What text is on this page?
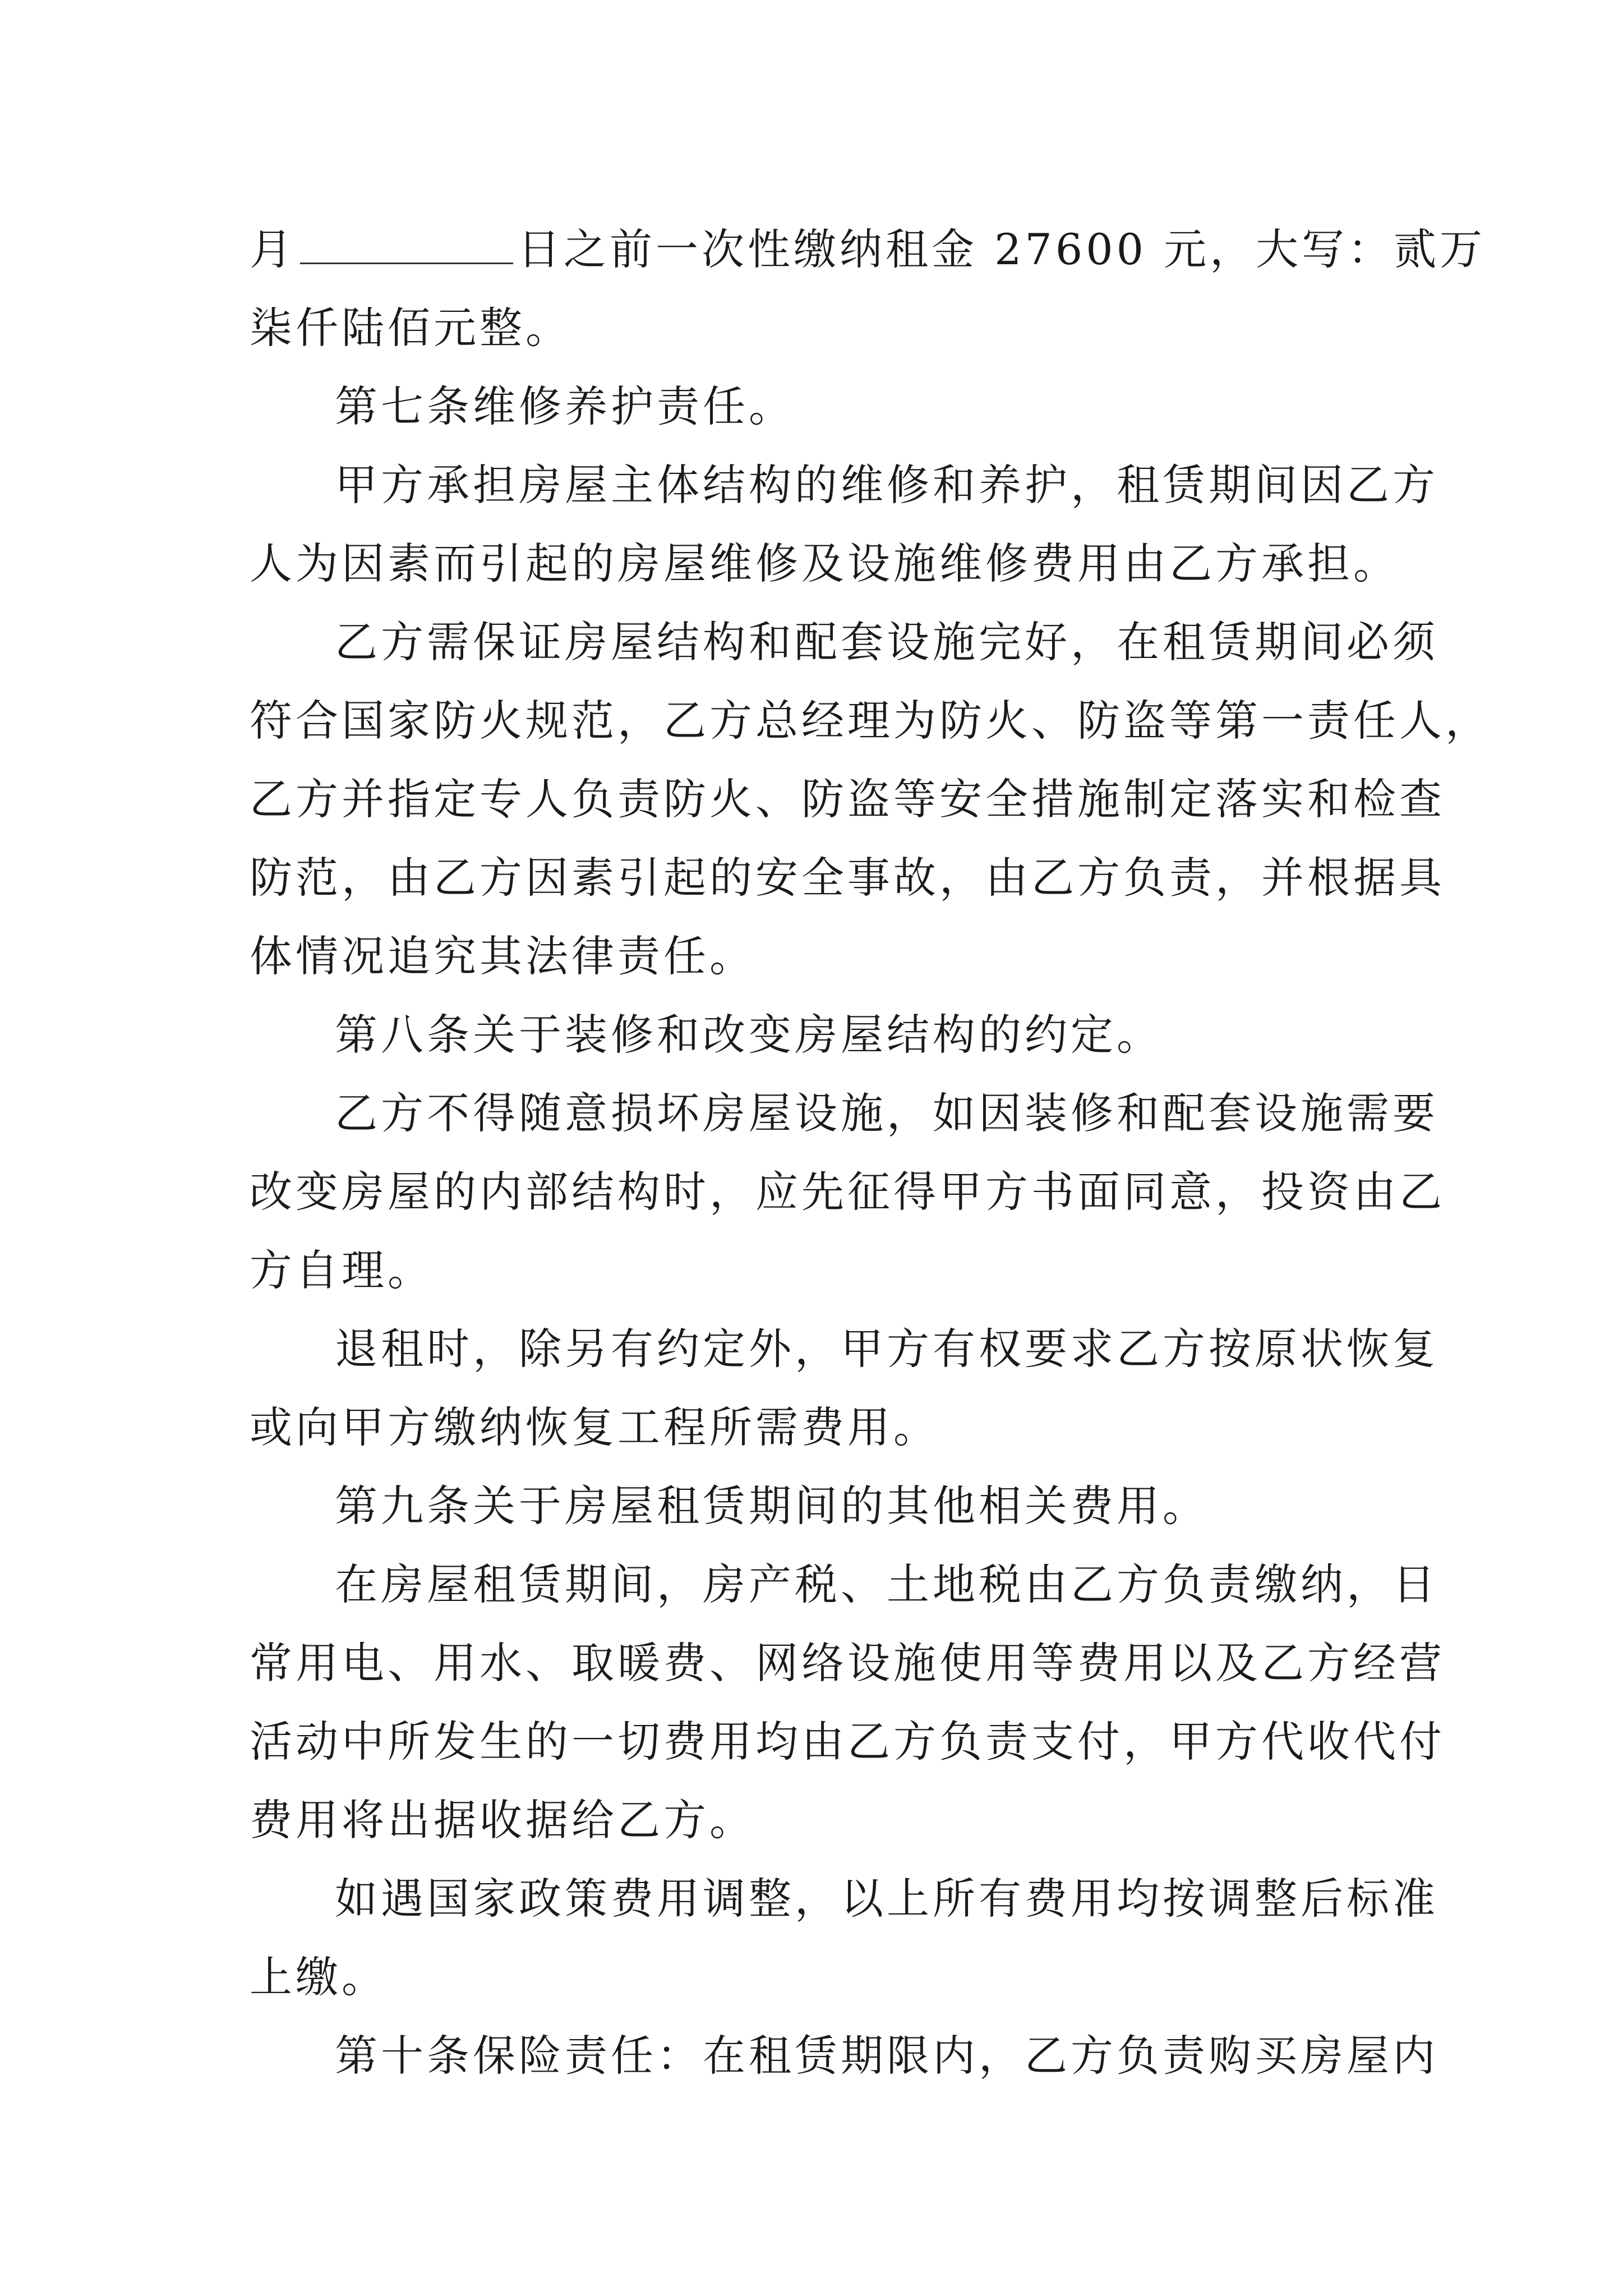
月	日之前一次性缴纳租金 27600 元，大写：贰万
柒仟陆佰元整。
第七条维修养护责任。
甲方承担房屋主体结构的维修和养护，租赁期间因乙方
人为因素而引起的房屋维修及设施维修费用由乙方承担。
乙方需保证房屋结构和配套设施完好，在租赁期间必须
符合国家防火规范，乙方总经理为防火、防盗等第一责任人，
乙方并指定专人负责防火、防盗等安全措施制定落实和检查
防范，由乙方因素引起的安全事故，由乙方负责，并根据具
体情况追究其法律责任。
第八条关于装修和改变房屋结构的约定。
乙方不得随意损坏房屋设施，如因装修和配套设施需要
改变房屋的内部结构时，应先征得甲方书面同意，投资由乙
方自理。
退租时，除另有约定外，甲方有权要求乙方按原状恢复
或向甲方缴纳恢复工程所需费用。
第九条关于房屋租赁期间的其他相关费用。
在房屋租赁期间，房产税、土地税由乙方负责缴纳，日
常用电、用水、取暖费、网络设施使用等费用以及乙方经营
活动中所发生的一切费用均由乙方负责支付，甲方代收代付
费用将出据收据给乙方。
如遇国家政策费用调整，以上所有费用均按调整后标准
上缴。
第十条保险责任：在租赁期限内，乙方负责购买房屋内
